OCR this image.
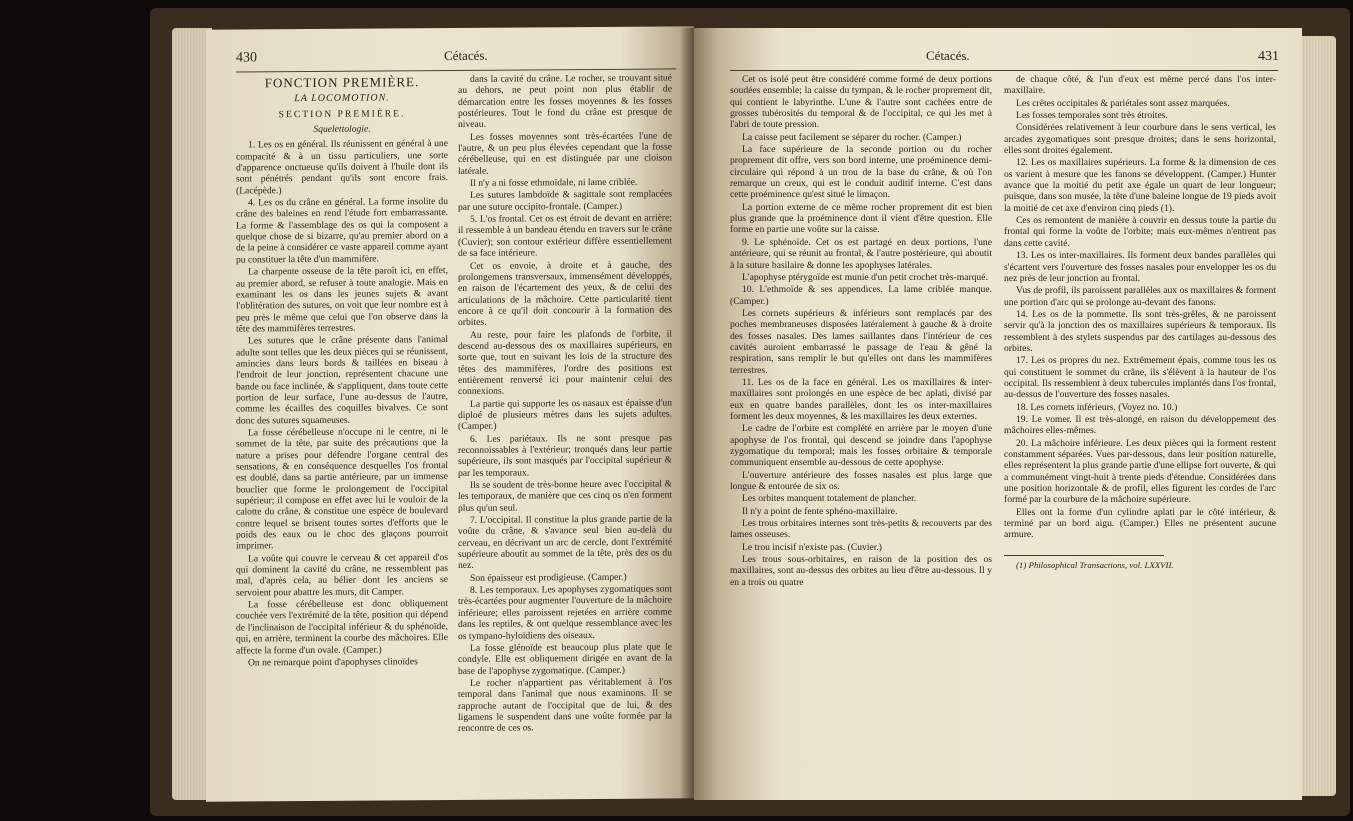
430	Cétacés.

FONCTION PREMIÈRE.

LA LOCOMOTION.

SECTION PREMIÈRE.

Squelettologie.

1. Les os en général. Ils réunissent en général à une compacité & à un tissu particuliers, une sorte d'apparence onctueuse qu'ils doivent à l'huile dont ils sont pénétrés pendant qu'ils sont encore frais. (Lacépède.)

4. Les os du crâne en général. La forme insolite du crâne des baleines en rend l'étude fort embarrassante. La forme & l'assemblage des os qui la composent a quelque chose de si bizarre, qu'au premier abord on a de la peine à considérer ce vaste appareil comme ayant pu constituer la tête d'un mammifère.

La charpente osseuse de la tête paroît ici, en effet, au premier abord, se refuser à toute analogie. Mais en examinant les os dans les jeunes sujets & avant l'oblitération des sutures, on voit que leur nombre est à peu près le même que celui que l'on observe dans la tête des mammifères terrestres.

Les sutures que le crâne présente dans l'animal adulte sont telles que les deux pièces qui se réunissent, amincies dans leurs bords & taillées en biseau à l'endroit de leur jonction, représentent chacune une bande ou face inclinée, & s'appliquent, dans toute cette portion de leur surface, l'une au-dessus de l'autre, comme les écailles des coquilles bivalves. Ce sont donc des sutures squameuses.

La fosse cérébelleuse n'occupe ni le centre, ni le sommet de la tête, par suite des précautions que la nature a prises pour défendre l'organe central des sensations, & en conséquence desquelles l'os frontal est doublé, dans sa partie antérieure, par un immense bouclier que forme le prolongement de l'occipital supérieur; il compose en effet avec lui le vouloir de la calotte du crâne, & constitue une espèce de boulevard contre lequel se brisent toutes sortes d'efforts que le poids des eaux ou le choc des glaçons pourroit imprimer.

La voûte qui couvre le cerveau & cet appareil d'os qui dominent la cavité du crâne, ne ressemblent pas mal, d'après cela, au bélier dont les anciens se servoient pour abattre les murs, dit Camper.

La fosse cérébelleuse est donc obliquement couchée vers l'extrémité de la tête, position qui dépend de l'inclinaison de l'occipital inférieur & du sphénoïde, qui, en arrière, terminent la courbe des mâchoires. Elle affecte la forme d'un ovale. (Camper.)

On ne remarque point d'apophyses clinoïdes

dans la cavité du crâne. Le rocher, se trouvant situé au dehors, ne peut point non plus établir de démarcation entre les fosses moyennes & les fosses postérieures. Tout le fond du crâne est presque de niveau.

Les fosses moyennes sont très-écartées l'une de l'autre, & un peu plus élevées cependant que la fosse cérébelleuse, qui en est distinguée par une cloison latérale.

Il n'y a ni fosse ethmoïdale, ni lame criblée.

Les sutures lambdoïde & sagittale sont remplacées par une suture occipito-frontale. (Camper.)

5. L'os frontal. Cet os est étroit de devant en arrière; il ressemble à un bandeau étendu en travers sur le crâne (Cuvier); son contour extérieur diffère essentiellement de sa face intérieure.

Cet os envoie, à droite et à gauche, des prolongemens transversaux, immensément développés, en raison de l'écartement des yeux, & de celui des articulations de la mâchoire. Cette particularité tient encore à ce qu'il doit concourir à la formation des orbites.

Au reste, pour faire les plafonds de l'orbite, il descend au-dessous des os maxillaires supérieurs, en sorte que, tout en suivant les lois de la structure des têtes des mammifères, l'ordre des positions est entièrement renversé ici pour maintenir celui des connexions.

La partie qui supporte les os nasaux est épaisse d'un diploé de plusieurs mètres dans les sujets adultes. (Camper.)

6. Les pariétaux. Ils ne sont presque pas reconnoissables à l'extérieur; tronqués dans leur partie supérieure, ils sont masqués par l'occipital supérieur & par les temporaux.

Ils se soudent de très-bonne heure avec l'occipital & les temporaux, de manière que ces cinq os n'en forment plus qu'un seul.

7. L'occipital. Il constitue la plus grande partie de la voûte du crâne, & s'avance seul bien au-delà du cerveau, en décrivant un arc de cercle, dont l'extrémité supérieure aboutit au sommet de la tête, près des os du nez.

Son épaisseur est prodigieuse. (Camper.)

8. Les temporaux. Les apophyses zygomatiques sont très-écartées pour augmenter l'ouverture de la mâchoire inférieure; elles paroissent rejetées en arrière comme dans les reptiles, & ont quelque ressemblance avec les os tympano-hyloïdiens des oiseaux.

La fosse glénoïde est beaucoup plus plate que le condyle. Elle est obliquement dirigée en avant de la base de l'apophyse zygomatique. (Camper.)

Le rocher n'appartient pas véritablement à l'os temporal dans l'animal que nous examinons. Il se rapproche autant de l'occipital que de lui, & des ligamens le suspendent dans une voûte formée par la rencontre de ces os.

Cétacés.	431

Cet os isolé peut être considéré comme formé de deux portions soudées ensemble; la caisse du tympan, & le rocher proprement dit, qui contient le labyrinthe. L'une & l'autre sont cachées entre de grosses tubérosités du temporal & de l'occipital, ce qui les met à l'abri de toute pression.

La caisse peut facilement se séparer du rocher. (Camper.)

La face supérieure de la seconde portion ou du rocher proprement dit offre, vers son bord interne, une proéminence demi-circulaire qui répond à un trou de la base du crâne, & où l'on remarque un creux, qui est le conduit auditif interne. C'est dans cette proéminence qu'est situé le limaçon.

La portion externe de ce même rocher proprement dit est bien plus grande que la proéminence dont il vient d'être question. Elle forme en partie une voûte sur la caisse.

9. Le sphénoïde. Cet os est partagé en deux portions, l'une antérieure, qui se réunit au frontal, & l'autre postérieure, qui aboutit à la suture basilaire & donne les apophyses latérales.

L'apophyse ptérygoïde est munie d'un petit crochet très-marqué.

10. L'ethmoïde & ses appendices. La lame criblée manque. (Camper.)

Les cornets supérieurs & inférieurs sont remplacés par des poches membraneuses disposées latéralement à gauche & à droite des fosses nasales. Des lames saillantes dans l'intérieur de ces cavités auroient embarrassé le passage de l'eau & gêné la respiration, sans remplir le but qu'elles ont dans les mammifères terrestres.

11. Les os de la face en général. Les os maxillaires & inter-maxillaires sont prolongés en une espèce de bec aplati, divisé par eux en quatre bandes parallèles, dont les os inter-maxillaires forment les deux moyennes, & les maxillaires les deux externes.

Le cadre de l'orbite est complété en arrière par le moyen d'une apophyse de l'os frontal, qui descend se joindre dans l'apophyse zygomatique du temporal; mais les fosses orbitaire & temporale communiquent ensemble au-dessous de cette apophyse.

L'ouverture antérieure des fosses nasales est plus large que longue & entourée de six os.

Les orbites manquent totalement de plancher.

Il n'y a point de fente sphéno-maxillaire.

Les trous orbitaires internes sont très-petits & recouverts par des lames osseuses.

Le trou incisif n'existe pas. (Cuvier.)

Les trous sous-orbitaires, en raison de la position des os maxillaires, sont au-dessus des orbites au lieu d'être au-dessous. Il y en a trois ou quatre

de chaque côté, & l'un d'eux est même percé dans l'os inter-maxillaire.

Les crêtes occipitales & pariétales sont assez marquées.

Les fosses temporales sont très étroites.

Considérées relativement à leur courbure dans le sens vertical, les arcades zygomatiques sont presque droites; dans le sens horizontal, elles sont droites également.

12. Les os maxillaires supérieurs. La forme & la dimension de ces os varient à mesure que les fanons se développent. (Camper.) Hunter avance que la moitié du petit axe égale un quart de leur longueur; puisque, dans son musée, la tête d'une baleine longue de 19 pieds avoit la moitié de cet axe d'environ cinq pieds (1).

Ces os remontent de manière à couvrir en dessus toute la partie du frontal qui forme la voûte de l'orbite; mais eux-mêmes n'entrent pas dans cette cavité.

13. Les os inter-maxillaires. Ils forment deux bandes parallèles qui s'écartent vers l'ouverture des fosses nasales pour envelopper les os du nez près de leur jonction au frontal.

Vus de profil, ils paroissent parallèles aux os maxillaires & forment une portion d'arc qui se prolonge au-devant des fanons.

14. Les os de la pommette. Ils sont très-grêles, & ne paroissent servir qu'à la jonction des os maxillaires supérieurs & temporaux. Ils ressemblent à des stylets suspendus par des cartilages au-dessous des orbites.

17. Les os propres du nez. Extrêmement épais, comme tous les os qui constituent le sommet du crâne, ils s'élèvent à la hauteur de l'os occipital. Ils ressemblent à deux tubercules implantés dans l'os frontal, au-dessus de l'ouverture des fosses nasales.

18. Les cornets inférieurs. (Voyez no. 10.)

19. Le vomer. Il est très-alongé, en raison du développement des mâchoires elles-mêmes.

20. La mâchoire inférieure. Les deux pièces qui la forment restent constamment séparées. Vues par-dessous, dans leur position naturelle, elles représentent la plus grande partie d'une ellipse fort ouverte, & qui a communément vingt-huit à trente pieds d'étendue. Considérées dans une position horizontale & de profil, elles figurent les cordes de l'arc formé par la courbure de la mâchoire supérieure.

Elles ont la forme d'un cylindre aplati par le côté intérieur, & terminé par un bord aigu. (Camper.) Elles ne présentent aucune armure.

(1) Philosophical Transactions, vol. LXXVII.
